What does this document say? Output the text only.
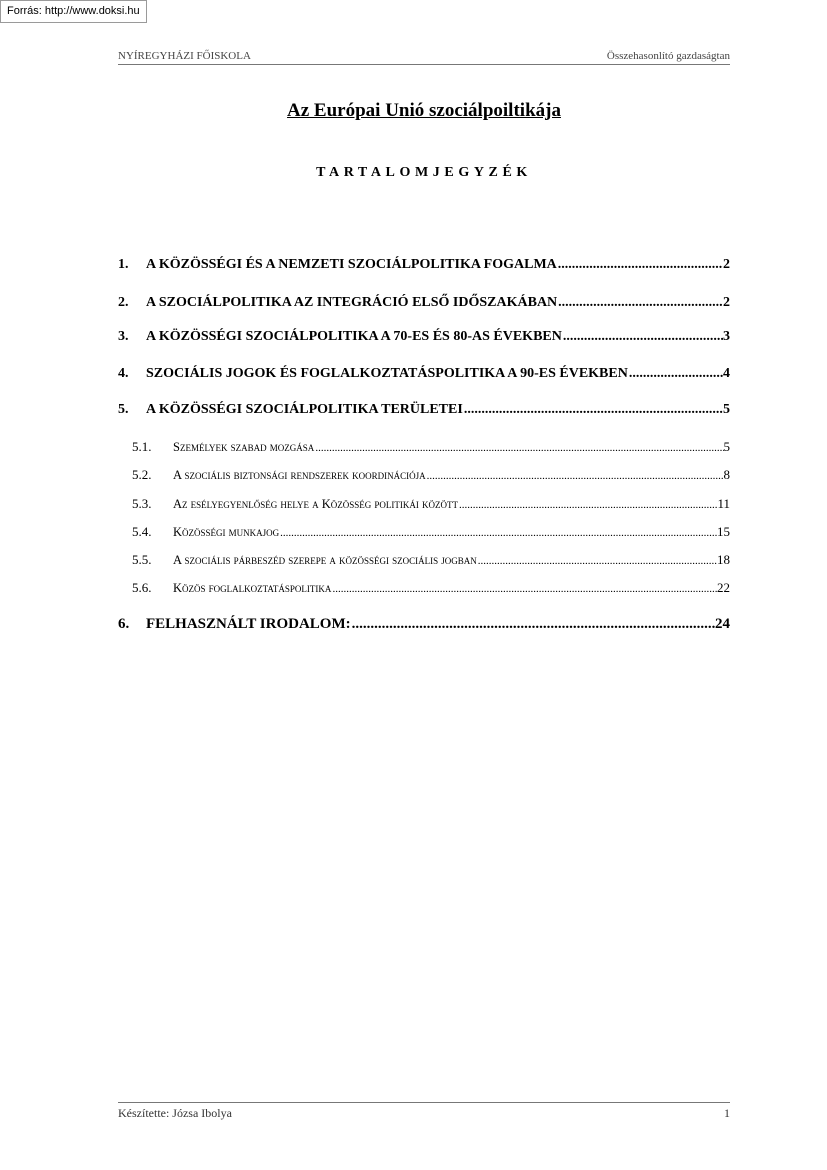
Forrás: http://www.doksi.hu
NYÍREGYHÁZI FŐISKOLA	Összehasonlító gazdaságtan
Az Európai Unió szociálpoiltikája
TARTALOMJEGYZÉK
1.	A KÖZÖSSÉGI ÉS A NEMZETI SZOCIÁLPOLITIKA FOGALMA .....	2
2.	A SZOCIÁLPOLITIKA AZ INTEGRÁCIÓ ELSŐ IDŐSZAKÁBAN .....	2
3.	A KÖZÖSSÉGI SZOCIÁLPOLITIKA A 70-ES ÉS 80-AS ÉVEKBEN .....	3
4.	SZOCIÁLIS JOGOK ÉS FOGLALKOZTATÁSPOLITIKA A 90-ES ÉVEKBEN .....	4
5.	A KÖZÖSSÉGI SZOCIÁLPOLITIKA TERÜLETEI .....	5
5.1.	Személyek szabad mozgása .....	5
5.2.	A szociális biztonsági rendszerek koordinációja .....	8
5.3.	Az esélyegyenlőség helye a Közösség politikái között .....	11
5.4.	Közösségi munkajog .....	15
5.5.	A szociális párbeszéd szerepe a közösségi szociális jogban .....	18
5.6.	Közös foglalkoztatáspolitika .....	22
6.	FELHASZNÁLT IRODALOM: .....	24
Készítette: Józsa Ibolya	1
